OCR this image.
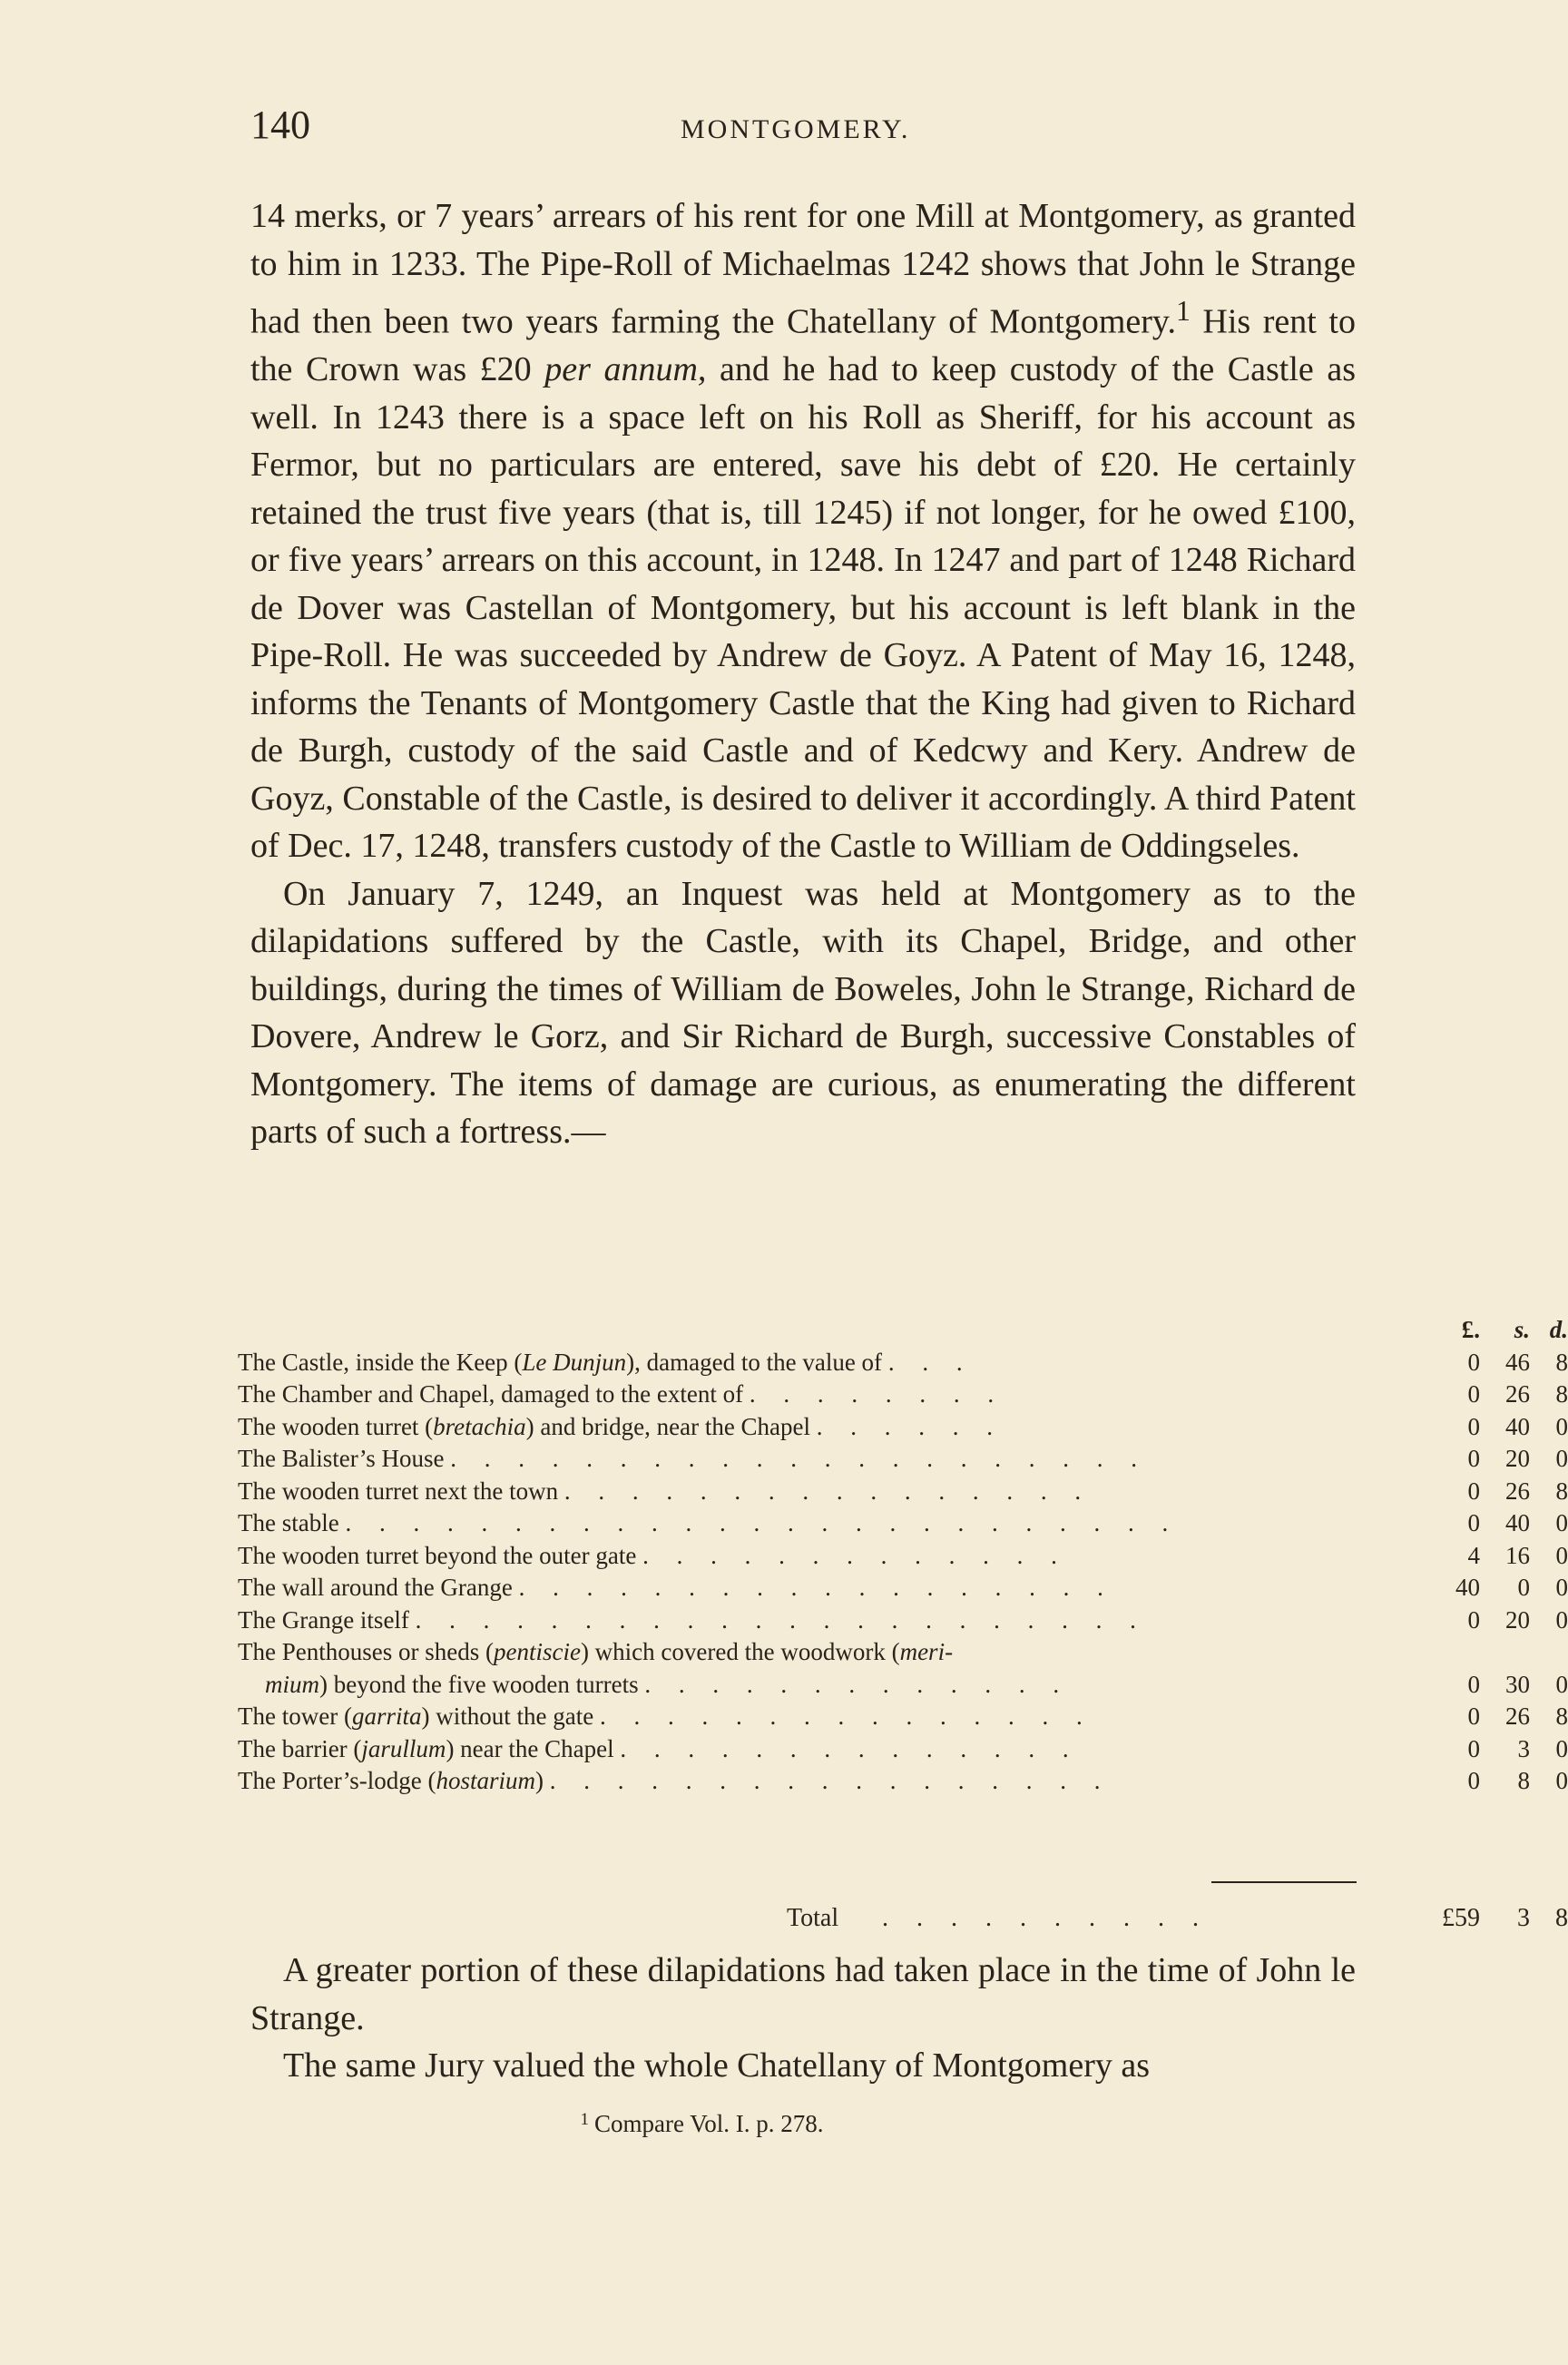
140	MONTGOMERY.

14 merks, or 7 years’ arrears of his rent for one Mill at Montgomery, as granted to him in 1233. The Pipe-Roll of Michaelmas 1242 shows that John le Strange had then been two years farming the Chatellany of Montgomery.$^1$ His rent to the Crown was £20 per annum, and he had to keep custody of the Castle as well. In 1243 there is a space left on his Roll as Sheriff, for his account as Fermor, but no particulars are entered, save his debt of £20. He certainly retained the trust five years (that is, till 1245) if not longer, for he owed £100, or five years’ arrears on this account, in 1248. In 1247 and part of 1248 Richard de Dover was Castellan of Montgomery, but his account is left blank in the Pipe-Roll. He was succeeded by Andrew de Goyz. A Patent of May 16, 1248, informs the Tenants of Montgomery Castle that the King had given to Richard de Burgh, custody of the said Castle and of Kedcwy and Kery. Andrew de Goyz, Constable of the Castle, is desired to deliver it accordingly. A third Patent of Dec. 17, 1248, transfers custody of the Castle to William de Oddingseles.

On January 7, 1249, an Inquest was held at Montgomery as to the dilapidations suffered by the Castle, with its Chapel, Bridge, and other buildings, during the times of William de Boweles, John le Strange, Richard de Dovere, Andrew le Gorz, and Sir Richard de Burgh, successive Constables of Montgomery. The items of damage are curious, as enumerating the different parts of such a fortress.—

£.	s. d.
The Castle, inside the Keep (Le Dunjun), damaged to the value of . . .	0	46	8
The Chamber and Chapel, damaged to the extent of . . . . . . . .	0	26	8
The wooden turret (bretachia) and bridge, near the Chapel . . . . . .	0	40	0
The Balister’s House . . . . . . . . . . . . . . . . . . . . .	0	20	0
The wooden turret next the town . . . . . . . . . . . . . . . .	0	26	8
The stable . . . . . . . . . . . . . . . . . . . . . . . . .	0	40	0
The wooden turret beyond the outer gate . . . . . . . . . . . . .	4	16	0
The wall around the Grange . . . . . . . . . . . . . . . . . .	40	0	0
The Grange itself . . . . . . . . . . . . . . . . . . . . . .	0	20	0
The Penthouses or sheds (pentiscie) which covered the woodwork (meri-
mium) beyond the five wooden turrets . . . . . . . . . . . . .	0	30	0
The tower (garrita) without the gate . . . . . . . . . . . . . . .	0	26	8
The barrier (jarullum) near the Chapel . . . . . . . . . . . . . .	0	3	0
The Porter’s-lodge (hostarium) . . . . . . . . . . . . . . . . .	0	8	0
Total . . . . . . . . . .	£59	3	8

A greater portion of these dilapidations had taken place in the time of John le Strange.

The same Jury valued the whole Chatellany of Montgomery as

$^1$ Compare Vol. I. p. 278.
